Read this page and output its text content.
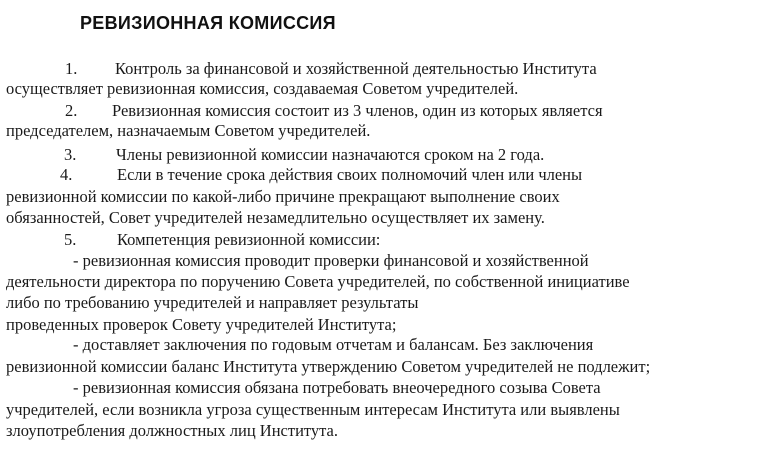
РЕВИЗИОННАЯ КОМИССИЯ
1. Контроль за финансовой и хозяйственной деятельностью Института
осуществляет ревизионная комиссия, создаваемая Советом учредителей.
2. Ревизионная комиссия состоит из 3 членов, один из которых является
председателем, назначаемым Советом учредителей.
3. Члены ревизионной комиссии назначаются сроком на 2 года.
4.	Если в течение срока действия своих полномочий член или члены
ревизионной комиссии по какой-либо причине прекращают выполнение своих
обязанностей, Совет учредителей незамедлительно осуществляет их замену.
5. Компетенция ревизионной комиссии:
- ревизионная комиссия проводит проверки финансовой и хозяйственной
деятельности директора по поручению Совета учредителей, по собственной инициативе
либо по требованию учредителей и направляет результаты
проведенных проверок Совету учредителей Института;
- доставляет заключения по годовым отчетам и балансам. Без заключения
ревизионной комиссии баланс Института утверждению Советом учредителей не подлежит;
- ревизионная комиссия обязана потребовать внеочередного созыва Совета
учредителей, если возникла угроза существенным интересам Института или выявлены
злоупотребления должностных лиц Института.
